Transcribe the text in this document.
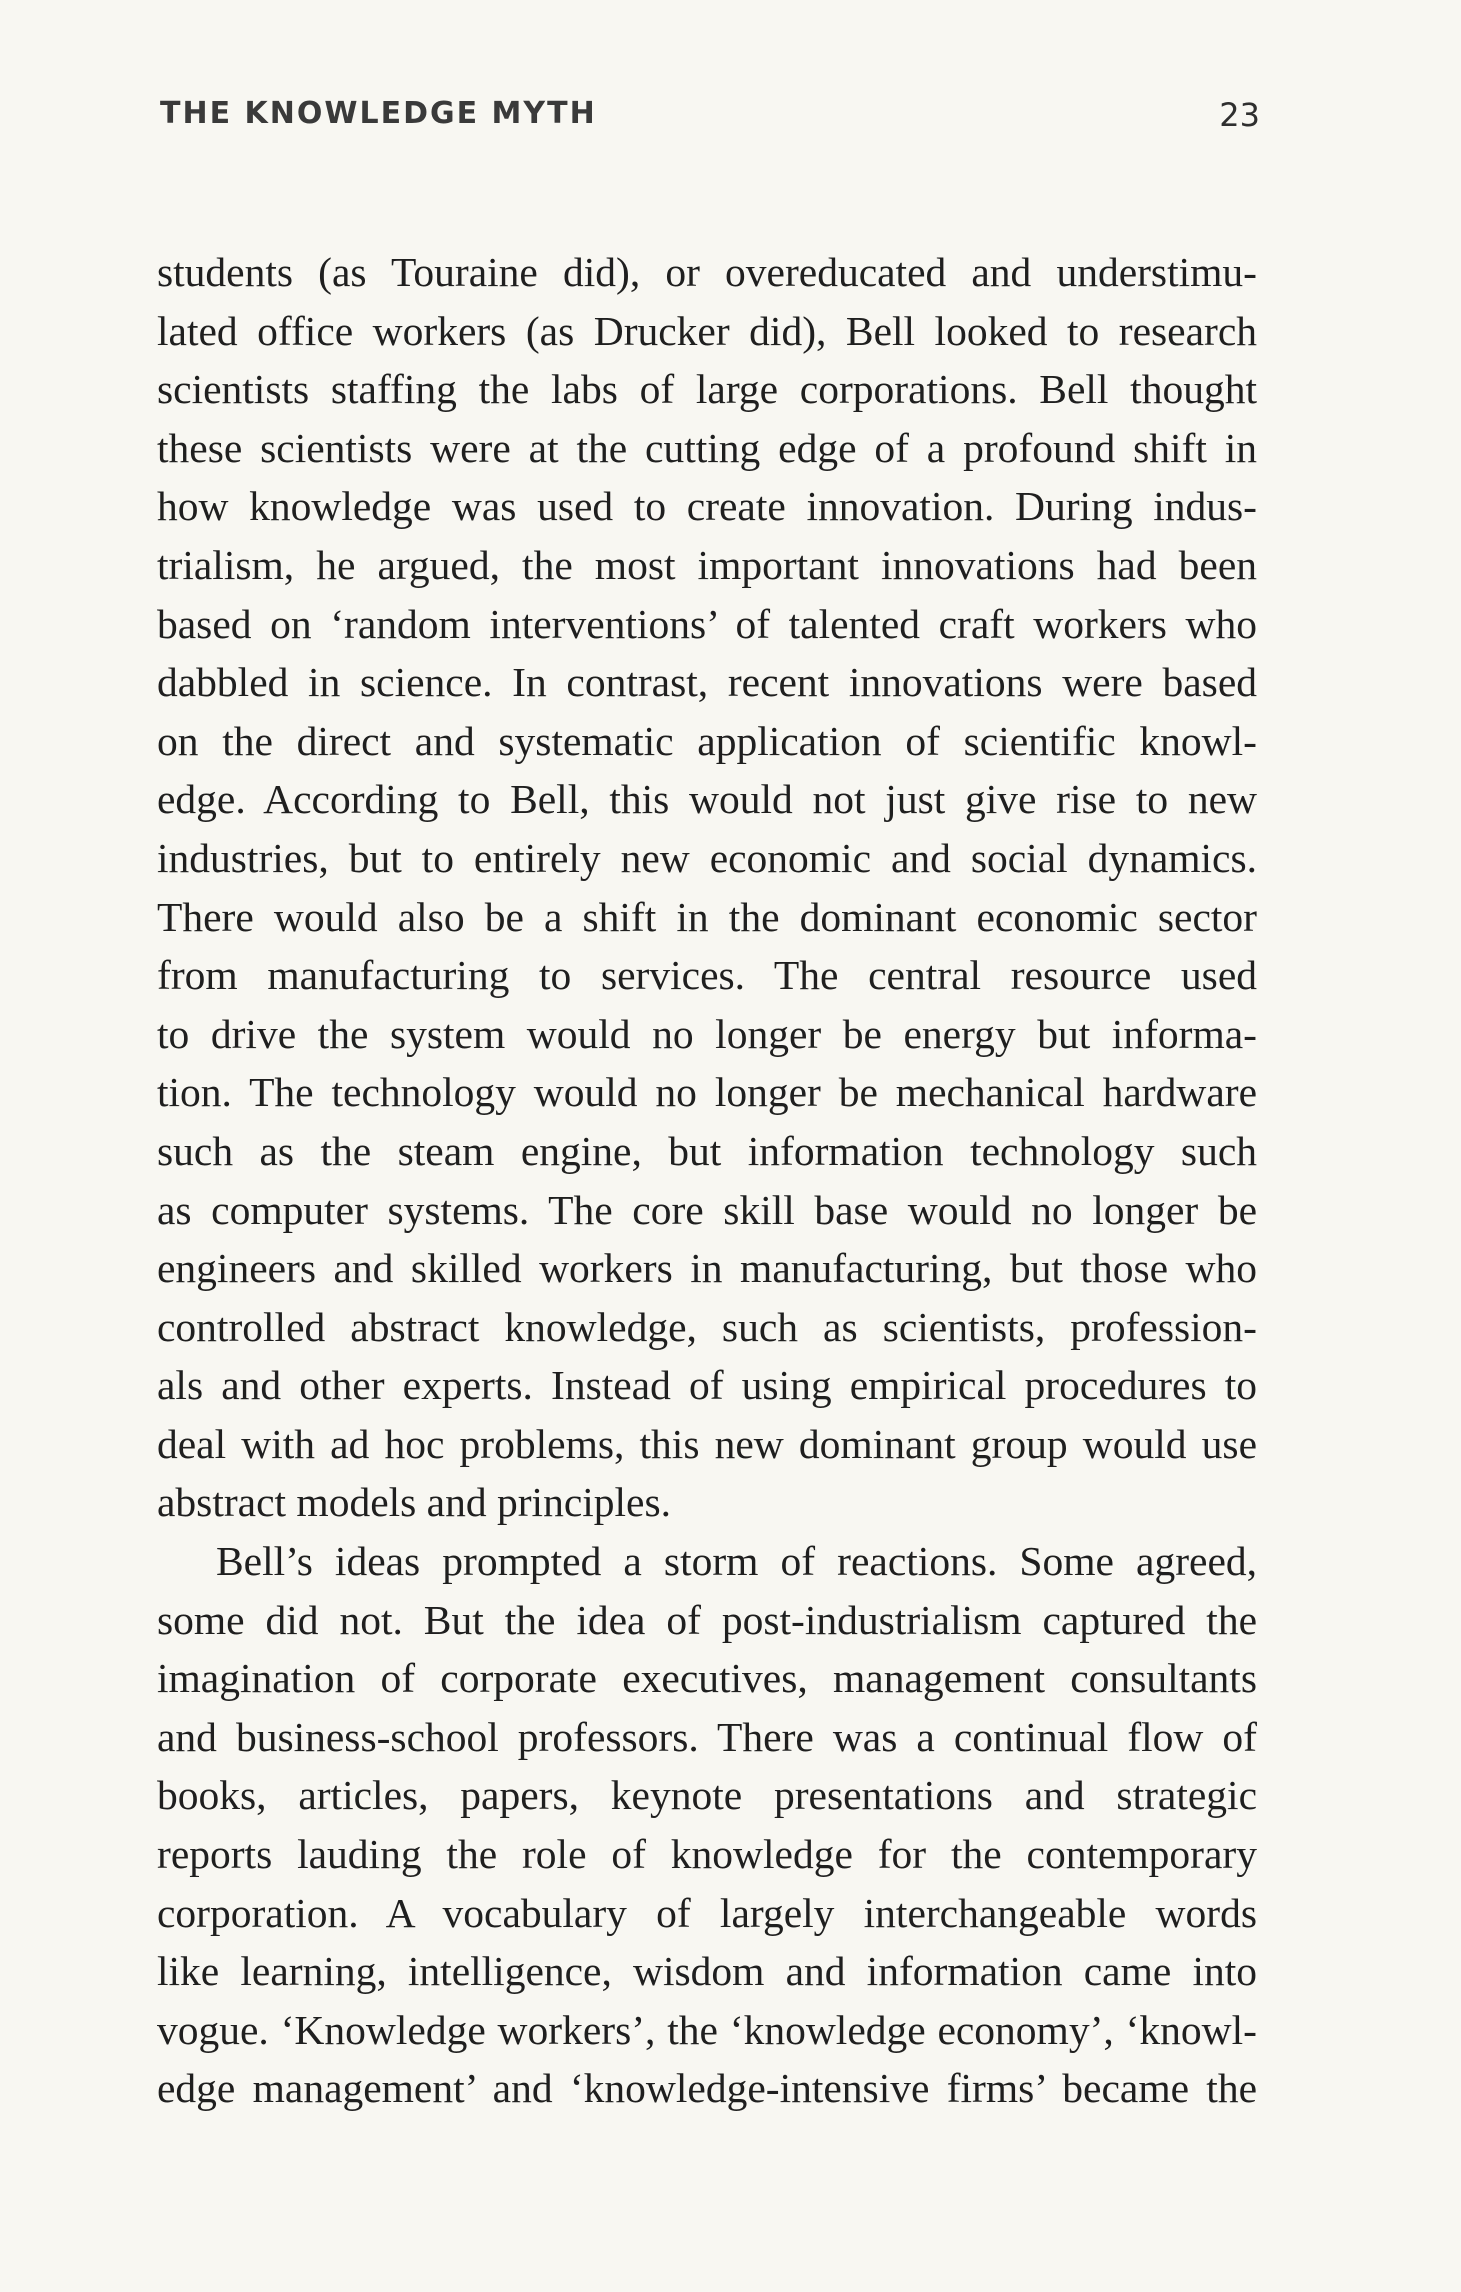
THE KNOWLEDGE MYTH	23
students (as Touraine did), or overeducated and understimu-
lated office workers (as Drucker did), Bell looked to research
scientists staffing the labs of large corporations. Bell thought
these scientists were at the cutting edge of a profound shift in
how knowledge was used to create innovation. During indus-
trialism, he argued, the most important innovations had been
based on ‘random interventions’ of talented craft workers who
dabbled in science. In contrast, recent innovations were based
on the direct and systematic application of scientific knowl-
edge. According to Bell, this would not just give rise to new
industries, but to entirely new economic and social dynamics.
There would also be a shift in the dominant economic sector
from manufacturing to services. The central resource used
to drive the system would no longer be energy but informa-
tion. The technology would no longer be mechanical hardware
such as the steam engine, but information technology such
as computer systems. The core skill base would no longer be
engineers and skilled workers in manufacturing, but those who
controlled abstract knowledge, such as scientists, profession-
als and other experts. Instead of using empirical procedures to
deal with ad hoc problems, this new dominant group would use
abstract models and principles.
Bell’s ideas prompted a storm of reactions. Some agreed,
some did not. But the idea of post-industrialism captured the
imagination of corporate executives, management consultants
and business-school professors. There was a continual flow of
books, articles, papers, keynote presentations and strategic
reports lauding the role of knowledge for the contemporary
corporation. A vocabulary of largely interchangeable words
like learning, intelligence, wisdom and information came into
vogue. ‘Knowledge workers’, the ‘knowledge economy’, ‘knowl-
edge management’ and ‘knowledge-intensive firms’ became the
